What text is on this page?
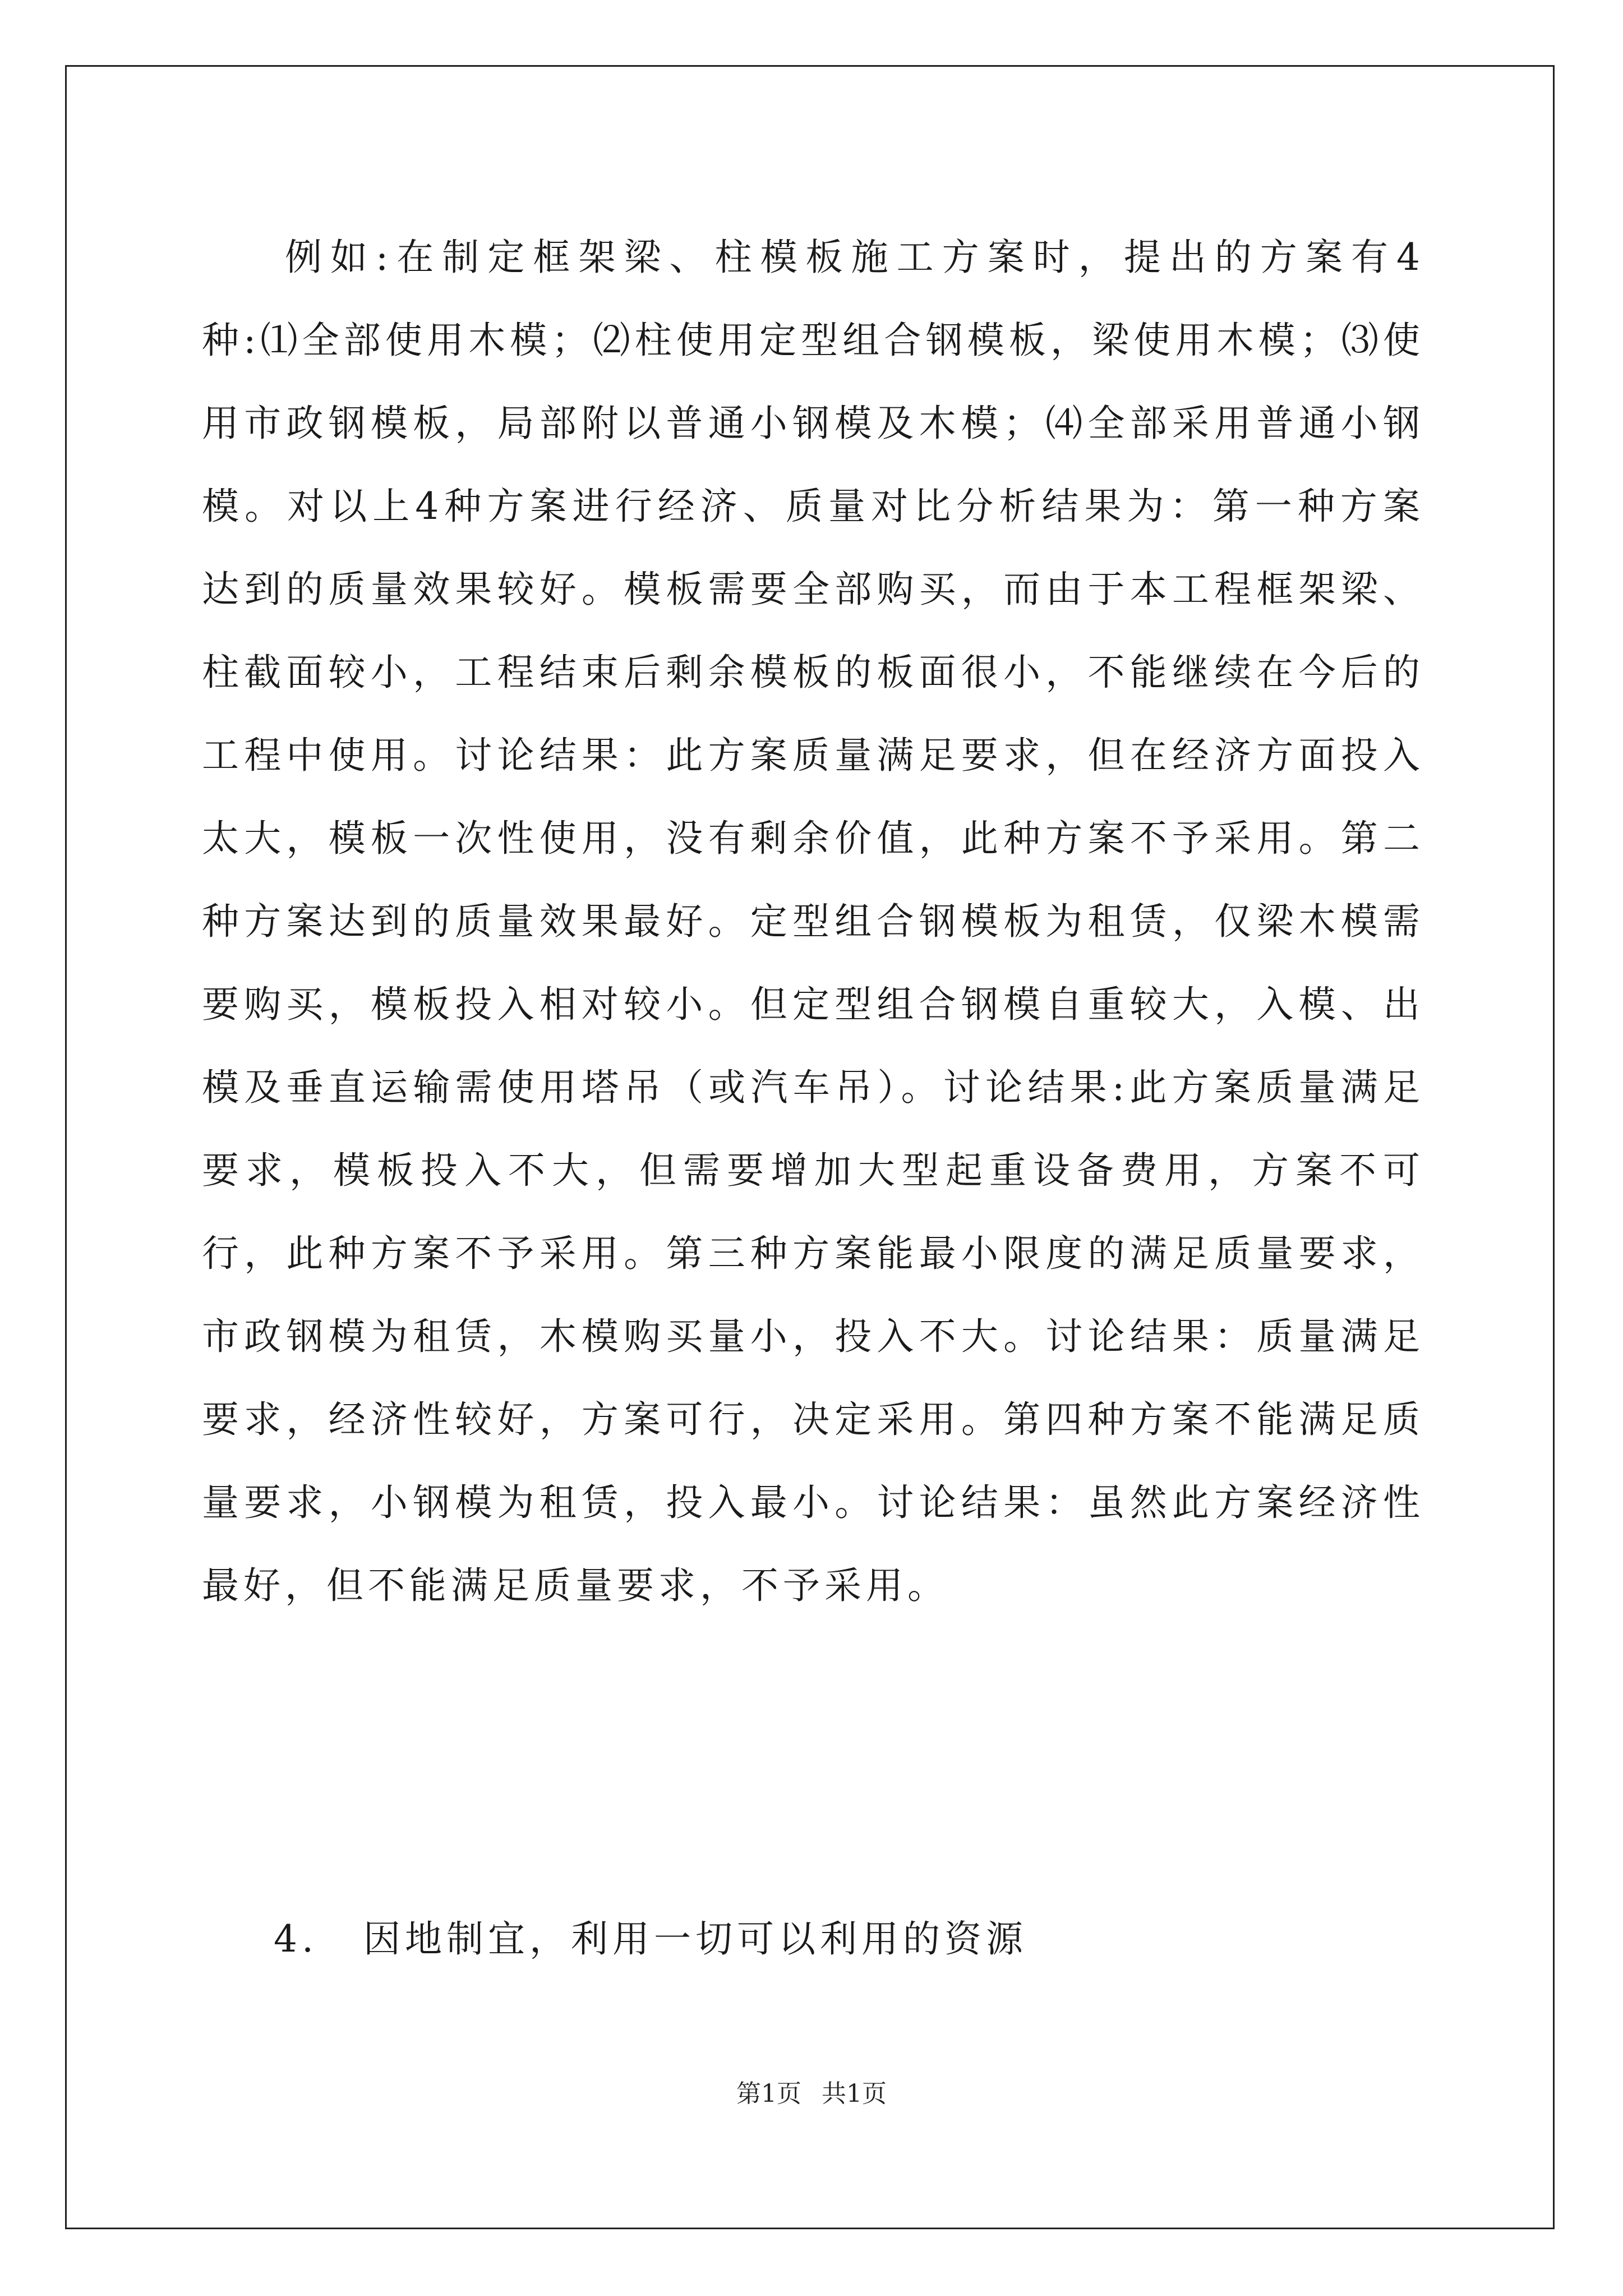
例如:在制定框架梁、柱模板施工方案时，提出的方案有4种:⑴全部使用木模；⑵柱使用定型组合钢模板，梁使用木模；⑶使用市政钢模板，局部附以普通小钢模及木模；⑷全部采用普通小钢模。对以上4种方案进行经济、质量对比分析结果为：第一种方案达到的质量效果较好。模板需要全部购买，而由于本工程框架梁、柱截面较小，工程结束后剩余模板的板面很小，不能继续在今后的工程中使用。讨论结果：此方案质量满足要求，但在经济方面投入太大，模板一次性使用，没有剩余价值，此种方案不予采用。第二种方案达到的质量效果最好。定型组合钢模板为租赁，仅梁木模需要购买，模板投入相对较小。但定型组合钢模自重较大，入模、出模及垂直运输需使用塔吊（或汽车吊）。讨论结果:此方案质量满足要求，模板投入不大，但需要增加大型起重设备费用，方案不可行，此种方案不予采用。第三种方案能最小限度的满足质量要求，市政钢模为租赁，木模购买量小，投入不大。讨论结果：质量满足要求，经济性较好，方案可行，决定采用。第四种方案不能满足质量要求，小钢模为租赁，投入最小。讨论结果：虽然此方案经济性最好，但不能满足质量要求，不予采用。

4. 因地制宜，利用一切可以利用的资源
第1页 共1页
